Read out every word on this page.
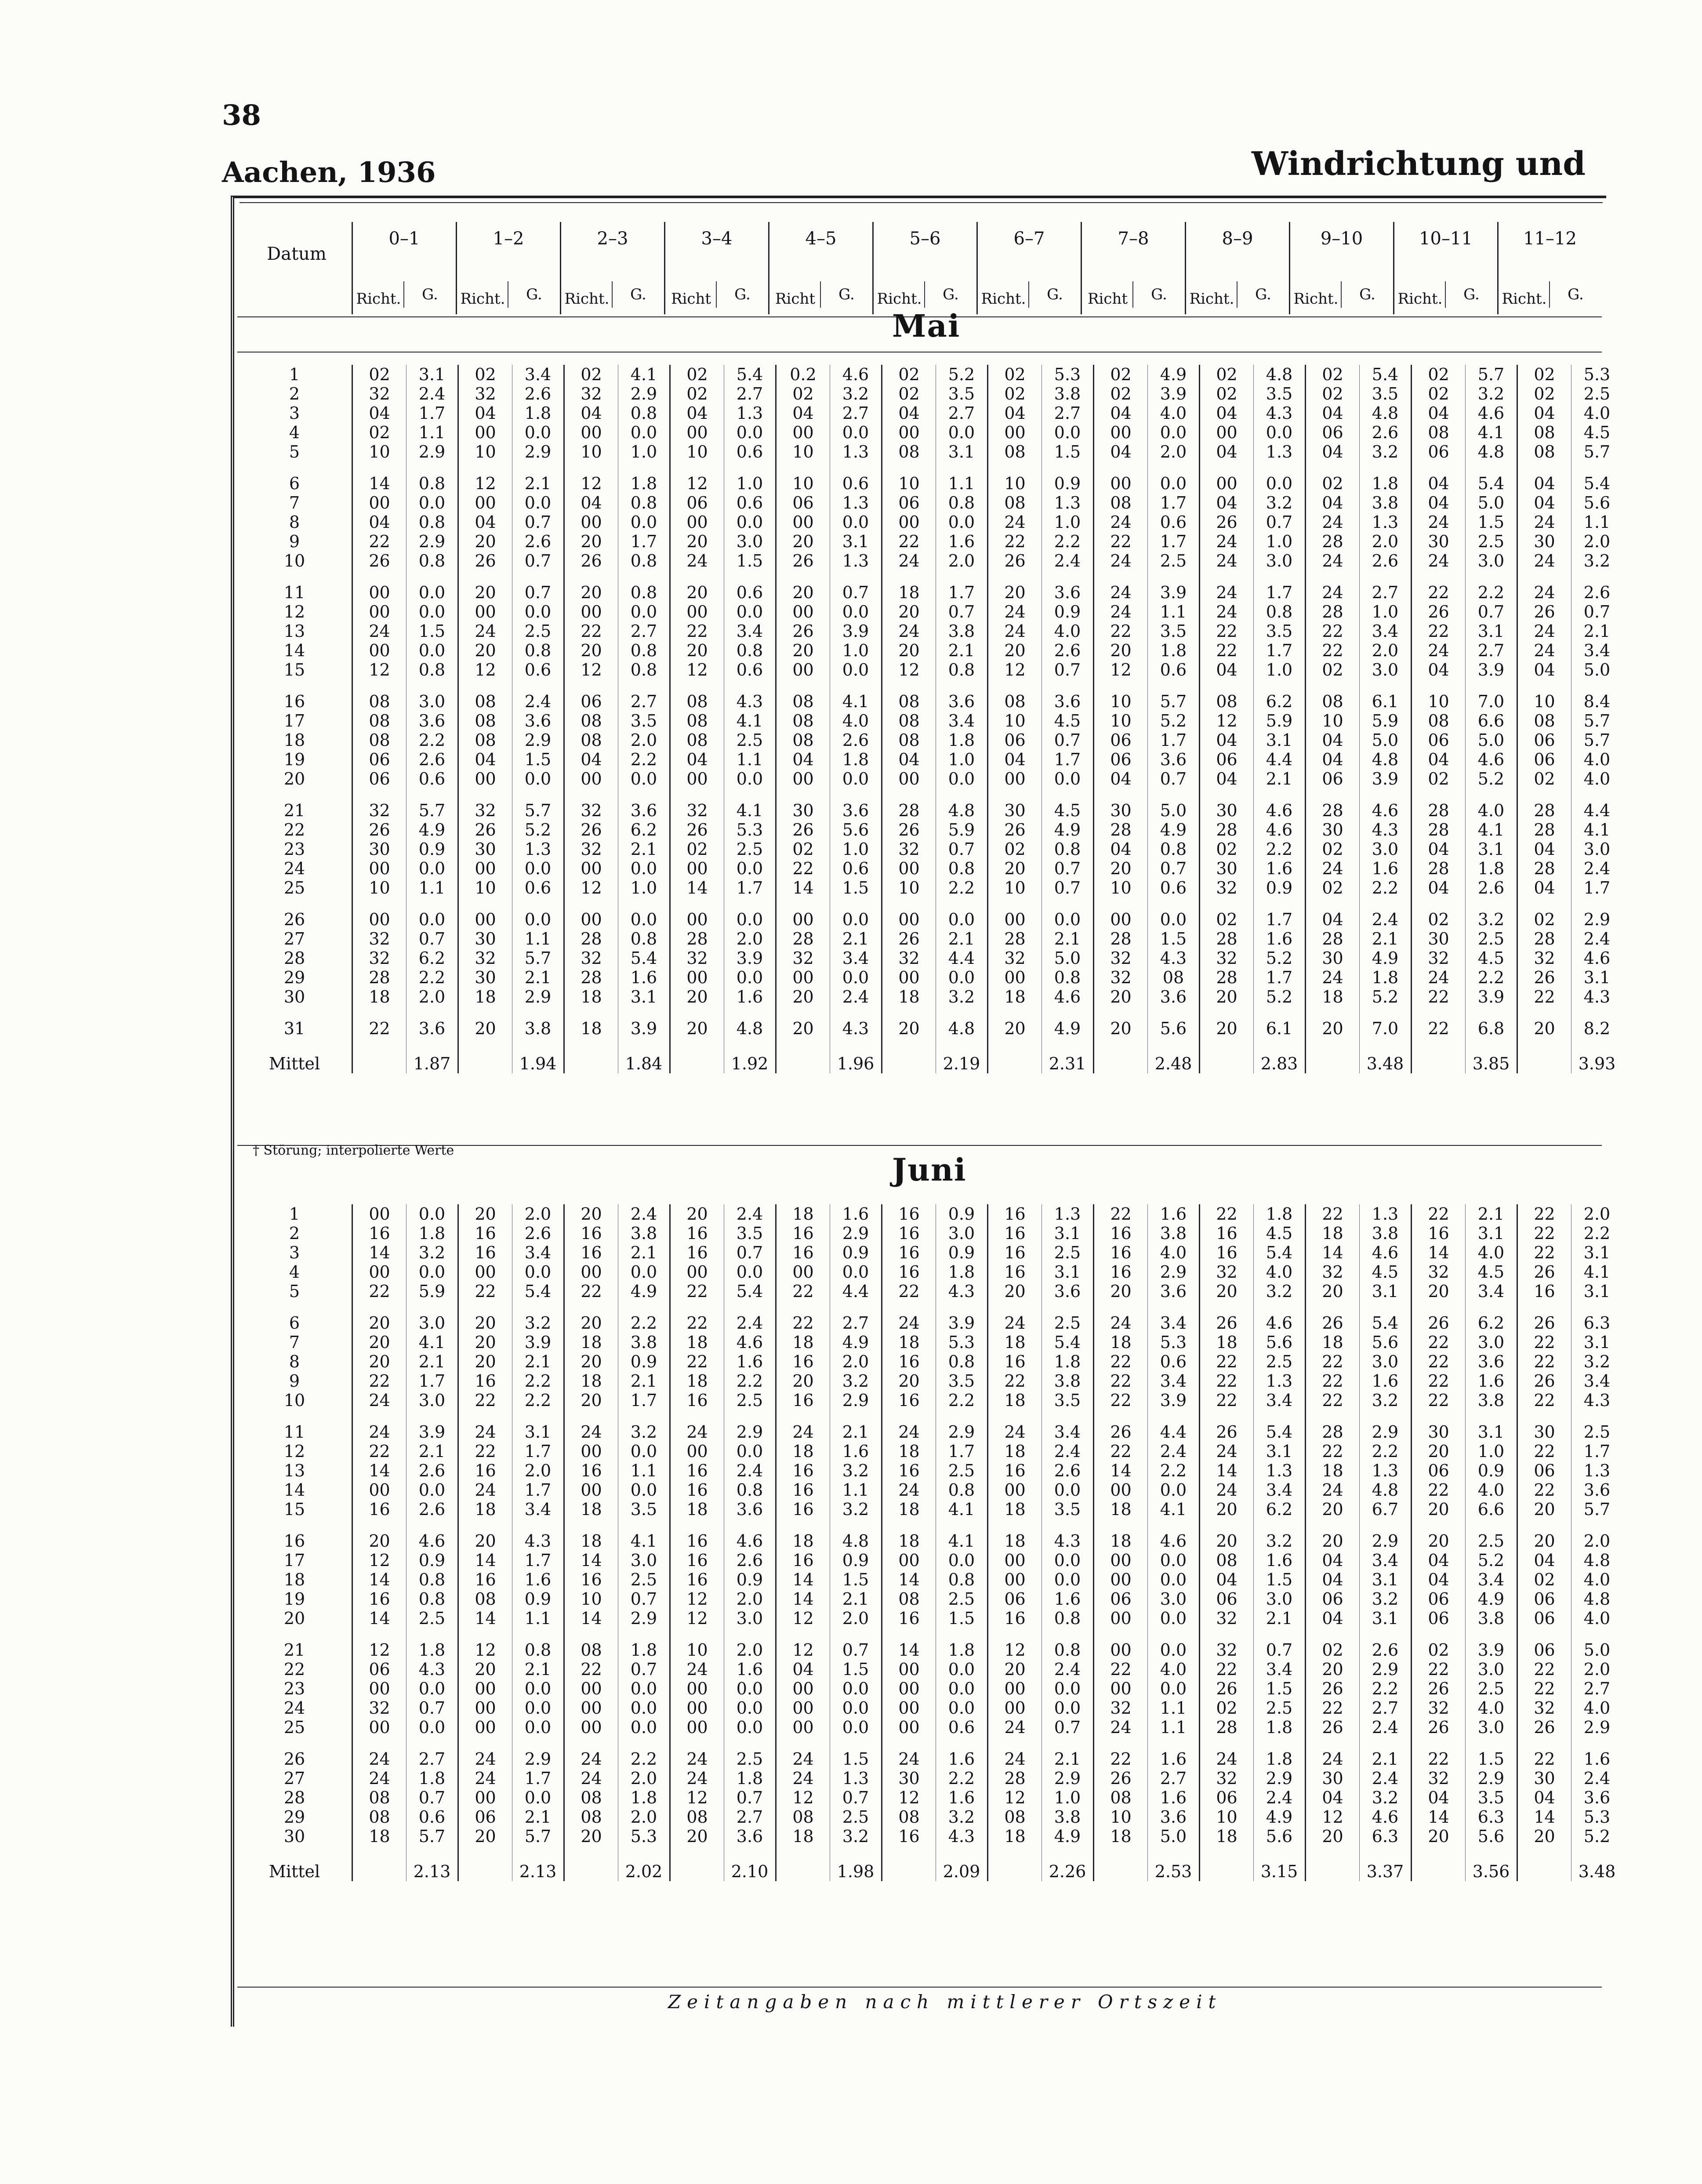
38
Aachen, 1936	Windrichtung und
Datum
0–1
Richt.	G.
1–2
Richt.	G.
2–3
Richt.	G.
3–4
Richt	G.
4–5
Richt	G.
5–6
Richt.	G.
6–7
Richt.	G.
7–8
Richt	G.
8–9
Richt.	G.
9–10
Richt.	G.
10–11
Richt.	G.
11–12
Richt.	G.
Mai
1	02	3.1	02	3.4	02	4.1	02	5.4	0.2	4.6	02	5.2	02	5.3	02	4.9	02	4.8	02	5.4	02	5.7	02	5.3
2	32	2.4	32	2.6	32	2.9	02	2.7	02	3.2	02	3.5	02	3.8	02	3.9	02	3.5	02	3.5	02	3.2	02	2.5
3	04	1.7	04	1.8	04	0.8	04	1.3	04	2.7	04	2.7	04	2.7	04	4.0	04	4.3	04	4.8	04	4.6	04	4.0
4	02	1.1	00	0.0	00	0.0	00	0.0	00	0.0	00	0.0	00	0.0	00	0.0	00	0.0	06	2.6	08	4.1	08	4.5
5	10	2.9	10	2.9	10	1.0	10	0.6	10	1.3	08	3.1	08	1.5	04	2.0	04	1.3	04	3.2	06	4.8	08	5.7
6	14	0.8	12	2.1	12	1.8	12	1.0	10	0.6	10	1.1	10	0.9	00	0.0	00	0.0	02	1.8	04	5.4	04	5.4
7	00	0.0	00	0.0	04	0.8	06	0.6	06	1.3	06	0.8	08	1.3	08	1.7	04	3.2	04	3.8	04	5.0	04	5.6
8	04	0.8	04	0.7	00	0.0	00	0.0	00	0.0	00	0.0	24	1.0	24	0.6	26	0.7	24	1.3	24	1.5	24	1.1
9	22	2.9	20	2.6	20	1.7	20	3.0	20	3.1	22	1.6	22	2.2	22	1.7	24	1.0	28	2.0	30	2.5	30	2.0
10	26	0.8	26	0.7	26	0.8	24	1.5	26	1.3	24	2.0	26	2.4	24	2.5	24	3.0	24	2.6	24	3.0	24	3.2
11	00	0.0	20	0.7	20	0.8	20	0.6	20	0.7	18	1.7	20	3.6	24	3.9	24	1.7	24	2.7	22	2.2	24	2.6
12	00	0.0	00	0.0	00	0.0	00	0.0	00	0.0	20	0.7	24	0.9	24	1.1	24	0.8	28	1.0	26	0.7	26	0.7
13	24	1.5	24	2.5	22	2.7	22	3.4	26	3.9	24	3.8	24	4.0	22	3.5	22	3.5	22	3.4	22	3.1	24	2.1
14	00	0.0	20	0.8	20	0.8	20	0.8	20	1.0	20	2.1	20	2.6	20	1.8	22	1.7	22	2.0	24	2.7	24	3.4
15	12	0.8	12	0.6	12	0.8	12	0.6	00	0.0	12	0.8	12	0.7	12	0.6	04	1.0	02	3.0	04	3.9	04	5.0
16	08	3.0	08	2.4	06	2.7	08	4.3	08	4.1	08	3.6	08	3.6	10	5.7	08	6.2	08	6.1	10	7.0	10	8.4
17	08	3.6	08	3.6	08	3.5	08	4.1	08	4.0	08	3.4	10	4.5	10	5.2	12	5.9	10	5.9	08	6.6	08	5.7
18	08	2.2	08	2.9	08	2.0	08	2.5	08	2.6	08	1.8	06	0.7	06	1.7	04	3.1	04	5.0	06	5.0	06	5.7
19	06	2.6	04	1.5	04	2.2	04	1.1	04	1.8	04	1.0	04	1.7	06	3.6	06	4.4	04	4.8	04	4.6	06	4.0
20	06	0.6	00	0.0	00	0.0	00	0.0	00	0.0	00	0.0	00	0.0	04	0.7	04	2.1	06	3.9	02	5.2	02	4.0
21	32	5.7	32	5.7	32	3.6	32	4.1	30	3.6	28	4.8	30	4.5	30	5.0	30	4.6	28	4.6	28	4.0	28	4.4
22	26	4.9	26	5.2	26	6.2	26	5.3	26	5.6	26	5.9	26	4.9	28	4.9	28	4.6	30	4.3	28	4.1	28	4.1
23	30	0.9	30	1.3	32	2.1	02	2.5	02	1.0	32	0.7	02	0.8	04	0.8	02	2.2	02	3.0	04	3.1	04	3.0
24	00	0.0	00	0.0	00	0.0	00	0.0	22	0.6	00	0.8	20	0.7	20	0.7	30	1.6	24	1.6	28	1.8	28	2.4
25	10	1.1	10	0.6	12	1.0	14	1.7	14	1.5	10	2.2	10	0.7	10	0.6	32	0.9	02	2.2	04	2.6	04	1.7
26	00	0.0	00	0.0	00	0.0	00	0.0	00	0.0	00	0.0	00	0.0	00	0.0	02	1.7	04	2.4	02	3.2	02	2.9
27	32	0.7	30	1.1	28	0.8	28	2.0	28	2.1	26	2.1	28	2.1	28	1.5	28	1.6	28	2.1	30	2.5	28	2.4
28	32	6.2	32	5.7	32	5.4	32	3.9	32	3.4	32	4.4	32	5.0	32	4.3	32	5.2	30	4.9	32	4.5	32	4.6
29	28	2.2	30	2.1	28	1.6	00	0.0	00	0.0	00	0.0	00	0.8	32	08	28	1.7	24	1.8	24	2.2	26	3.1
30	18	2.0	18	2.9	18	3.1	20	1.6	20	2.4	18	3.2	18	4.6	20	3.6	20	5.2	18	5.2	22	3.9	22	4.3
31	22	3.6	20	3.8	18	3.9	20	4.8	20	4.3	20	4.8	20	4.9	20	5.6	20	6.1	20	7.0	22	6.8	20	8.2
Mittel		1.87		1.94		1.84		1.92		1.96		2.19		2.31		2.48		2.83		3.48		3.85		3.93
† Störung; interpolierte Werte
Juni
1	00	0.0	20	2.0	20	2.4	20	2.4	18	1.6	16	0.9	16	1.3	22	1.6	22	1.8	22	1.3	22	2.1	22	2.0
2	16	1.8	16	2.6	16	3.8	16	3.5	16	2.9	16	3.0	16	3.1	16	3.8	16	4.5	18	3.8	16	3.1	22	2.2
3	14	3.2	16	3.4	16	2.1	16	0.7	16	0.9	16	0.9	16	2.5	16	4.0	16	5.4	14	4.6	14	4.0	22	3.1
4	00	0.0	00	0.0	00	0.0	00	0.0	00	0.0	16	1.8	16	3.1	16	2.9	32	4.0	32	4.5	32	4.5	26	4.1
5	22	5.9	22	5.4	22	4.9	22	5.4	22	4.4	22	4.3	20	3.6	20	3.6	20	3.2	20	3.1	20	3.4	16	3.1
6	20	3.0	20	3.2	20	2.2	22	2.4	22	2.7	24	3.9	24	2.5	24	3.4	26	4.6	26	5.4	26	6.2	26	6.3
7	20	4.1	20	3.9	18	3.8	18	4.6	18	4.9	18	5.3	18	5.4	18	5.3	18	5.6	18	5.6	22	3.0	22	3.1
8	20	2.1	20	2.1	20	0.9	22	1.6	16	2.0	16	0.8	16	1.8	22	0.6	22	2.5	22	3.0	22	3.6	22	3.2
9	22	1.7	16	2.2	18	2.1	18	2.2	20	3.2	20	3.5	22	3.8	22	3.4	22	1.3	22	1.6	22	1.6	26	3.4
10	24	3.0	22	2.2	20	1.7	16	2.5	16	2.9	16	2.2	18	3.5	22	3.9	22	3.4	22	3.2	22	3.8	22	4.3
11	24	3.9	24	3.1	24	3.2	24	2.9	24	2.1	24	2.9	24	3.4	26	4.4	26	5.4	28	2.9	30	3.1	30	2.5
12	22	2.1	22	1.7	00	0.0	00	0.0	18	1.6	18	1.7	18	2.4	22	2.4	24	3.1	22	2.2	20	1.0	22	1.7
13	14	2.6	16	2.0	16	1.1	16	2.4	16	3.2	16	2.5	16	2.6	14	2.2	14	1.3	18	1.3	06	0.9	06	1.3
14	00	0.0	24	1.7	00	0.0	16	0.8	16	1.1	24	0.8	00	0.0	00	0.0	24	3.4	24	4.8	22	4.0	22	3.6
15	16	2.6	18	3.4	18	3.5	18	3.6	16	3.2	18	4.1	18	3.5	18	4.1	20	6.2	20	6.7	20	6.6	20	5.7
16	20	4.6	20	4.3	18	4.1	16	4.6	18	4.8	18	4.1	18	4.3	18	4.6	20	3.2	20	2.9	20	2.5	20	2.0
17	12	0.9	14	1.7	14	3.0	16	2.6	16	0.9	00	0.0	00	0.0	00	0.0	08	1.6	04	3.4	04	5.2	04	4.8
18	14	0.8	16	1.6	16	2.5	16	0.9	14	1.5	14	0.8	00	0.0	00	0.0	04	1.5	04	3.1	04	3.4	02	4.0
19	16	0.8	08	0.9	10	0.7	12	2.0	14	2.1	08	2.5	06	1.6	06	3.0	06	3.0	06	3.2	06	4.9	06	4.8
20	14	2.5	14	1.1	14	2.9	12	3.0	12	2.0	16	1.5	16	0.8	00	0.0	32	2.1	04	3.1	06	3.8	06	4.0
21	12	1.8	12	0.8	08	1.8	10	2.0	12	0.7	14	1.8	12	0.8	00	0.0	32	0.7	02	2.6	02	3.9	06	5.0
22	06	4.3	20	2.1	22	0.7	24	1.6	04	1.5	00	0.0	20	2.4	22	4.0	22	3.4	20	2.9	22	3.0	22	2.0
23	00	0.0	00	0.0	00	0.0	00	0.0	00	0.0	00	0.0	00	0.0	00	0.0	26	1.5	26	2.2	26	2.5	22	2.7
24	32	0.7	00	0.0	00	0.0	00	0.0	00	0.0	00	0.0	00	0.0	32	1.1	02	2.5	22	2.7	32	4.0	32	4.0
25	00	0.0	00	0.0	00	0.0	00	0.0	00	0.0	00	0.6	24	0.7	24	1.1	28	1.8	26	2.4	26	3.0	26	2.9
26	24	2.7	24	2.9	24	2.2	24	2.5	24	1.5	24	1.6	24	2.1	22	1.6	24	1.8	24	2.1	22	1.5	22	1.6
27	24	1.8	24	1.7	24	2.0	24	1.8	24	1.3	30	2.2	28	2.9	26	2.7	32	2.9	30	2.4	32	2.9	30	2.4
28	08	0.7	00	0.0	08	1.8	12	0.7	12	0.7	12	1.6	12	1.0	08	1.6	06	2.4	04	3.2	04	3.5	04	3.6
29	08	0.6	06	2.1	08	2.0	08	2.7	08	2.5	08	3.2	08	3.8	10	3.6	10	4.9	12	4.6	14	6.3	14	5.3
30	18	5.7	20	5.7	20	5.3	20	3.6	18	3.2	16	4.3	18	4.9	18	5.0	18	5.6	20	6.3	20	5.6	20	5.2
Mittel		2.13		2.13		2.02		2.10		1.98		2.09		2.26		2.53		3.15		3.37		3.56		3.48
Zeitangaben nach mittlerer Ortszeit
